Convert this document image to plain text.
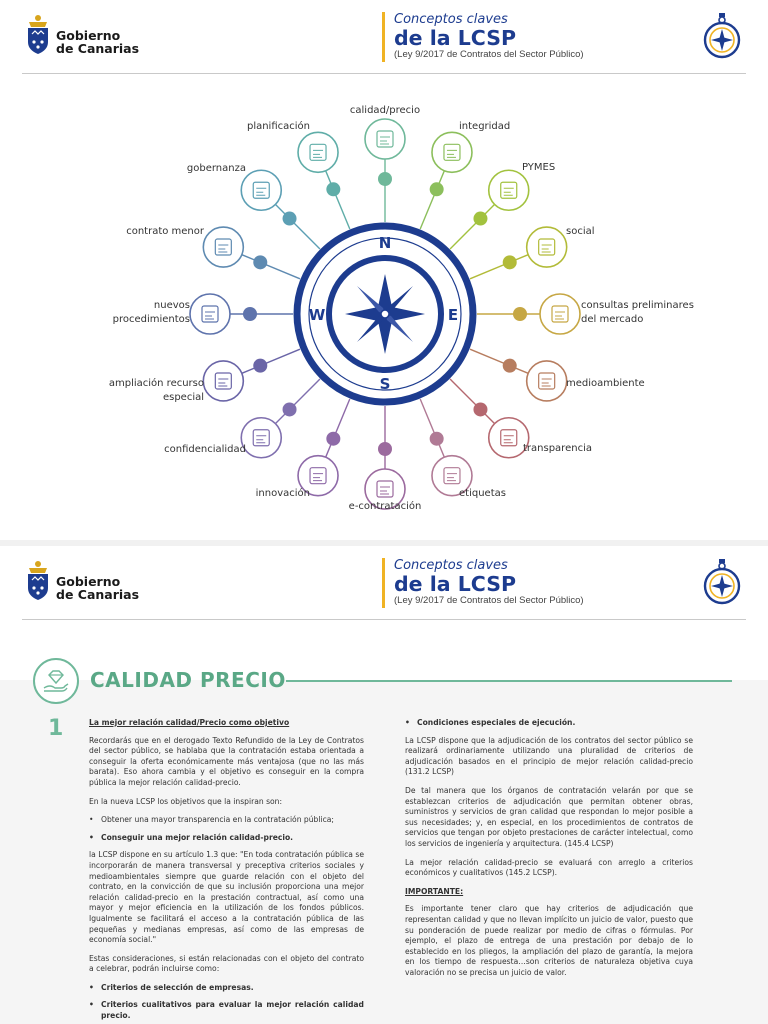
Gobierno
de Canarias
Conceptos claves
de la LCSP
(Ley 9/2017 de Contratos del Sector Público)
N
S
W	E
calidad/precio
integridad
PYMES
social
consultas preliminares del mercado
medioambiente
transparencia
etiquetas
e-contratación
innovación
confidencialidad
ampliación recurso especial
nuevos procedimientos
contrato menor
gobernanza
planificación
Gobierno
de Canarias
Conceptos claves
de la LCSP
(Ley 9/2017 de Contratos del Sector Público)
CALIDAD PRECIO
1	La mejor relación calidad/Precio como objetivo

Recordarás que en el derogado Texto Refundido de la Ley de Contratos del sector público, se hablaba que la contratación estaba orientada a conseguir la oferta económicamente más ventajosa (que no las más barata). Eso ahora cambia y el objetivo es conseguir en la compra pública la mejor relación calidad-precio.

En la nueva LCSP los objetivos que la inspiran son:

• Obtener una mayor transparencia en la contratación pública;
• Conseguir una mejor relación calidad-precio.

la LCSP dispone en su artículo 1.3 que: "En toda contratación pública se incorporarán de manera transversal y preceptiva criterios sociales y medioambientales siempre que guarde relación con el objeto del contrato, en la convicción de que su inclusión proporciona una mejor relación calidad-precio en la prestación contractual, así como una mayor y mejor eficiencia en la utilización de los fondos públicos. Igualmente se facilitará el acceso a la contratación pública de las pequeñas y medianas empresas, así como de las empresas de economía social."

Estas consideraciones, si están relacionadas con el objeto del contrato a celebrar, podrán incluirse como:

• Criterios de selección de empresas.
• Criterios cualitativos para evaluar la mejor relación calidad precio.
• Condiciones especiales de ejecución.

La LCSP dispone que la adjudicación de los contratos del sector público se realizará ordinariamente utilizando una pluralidad de criterios de adjudicación basados en el principio de mejor relación calidad-precio (131.2 LCSP)

De tal manera que los órganos de contratación velarán por que se establezcan criterios de adjudicación que permitan obtener obras, suministros y servicios de gran calidad que respondan lo mejor posible a sus necesidades; y, en especial, en los procedimientos de contratos de servicios que tengan por objeto prestaciones de carácter intelectual, como los servicios de ingeniería y arquitectura. (145.4 LCSP)

La mejor relación calidad-precio se evaluará con arreglo a criterios económicos y cualitativos (145.2 LCSP).

IMPORTANTE:

Es importante tener claro que hay criterios de adjudicación que representan calidad y que no llevan implícito un juicio de valor, puesto que su ponderación de puede realizar por medio de cifras o fórmulas. Por ejemplo, el plazo de entrega de una prestación por debajo de lo establecido en los pliegos, la ampliación del plazo de garantía, la mejora en los tiempo de respuesta…son criterios de naturaleza objetiva cuya valoración no se precisa un juicio de valor.
